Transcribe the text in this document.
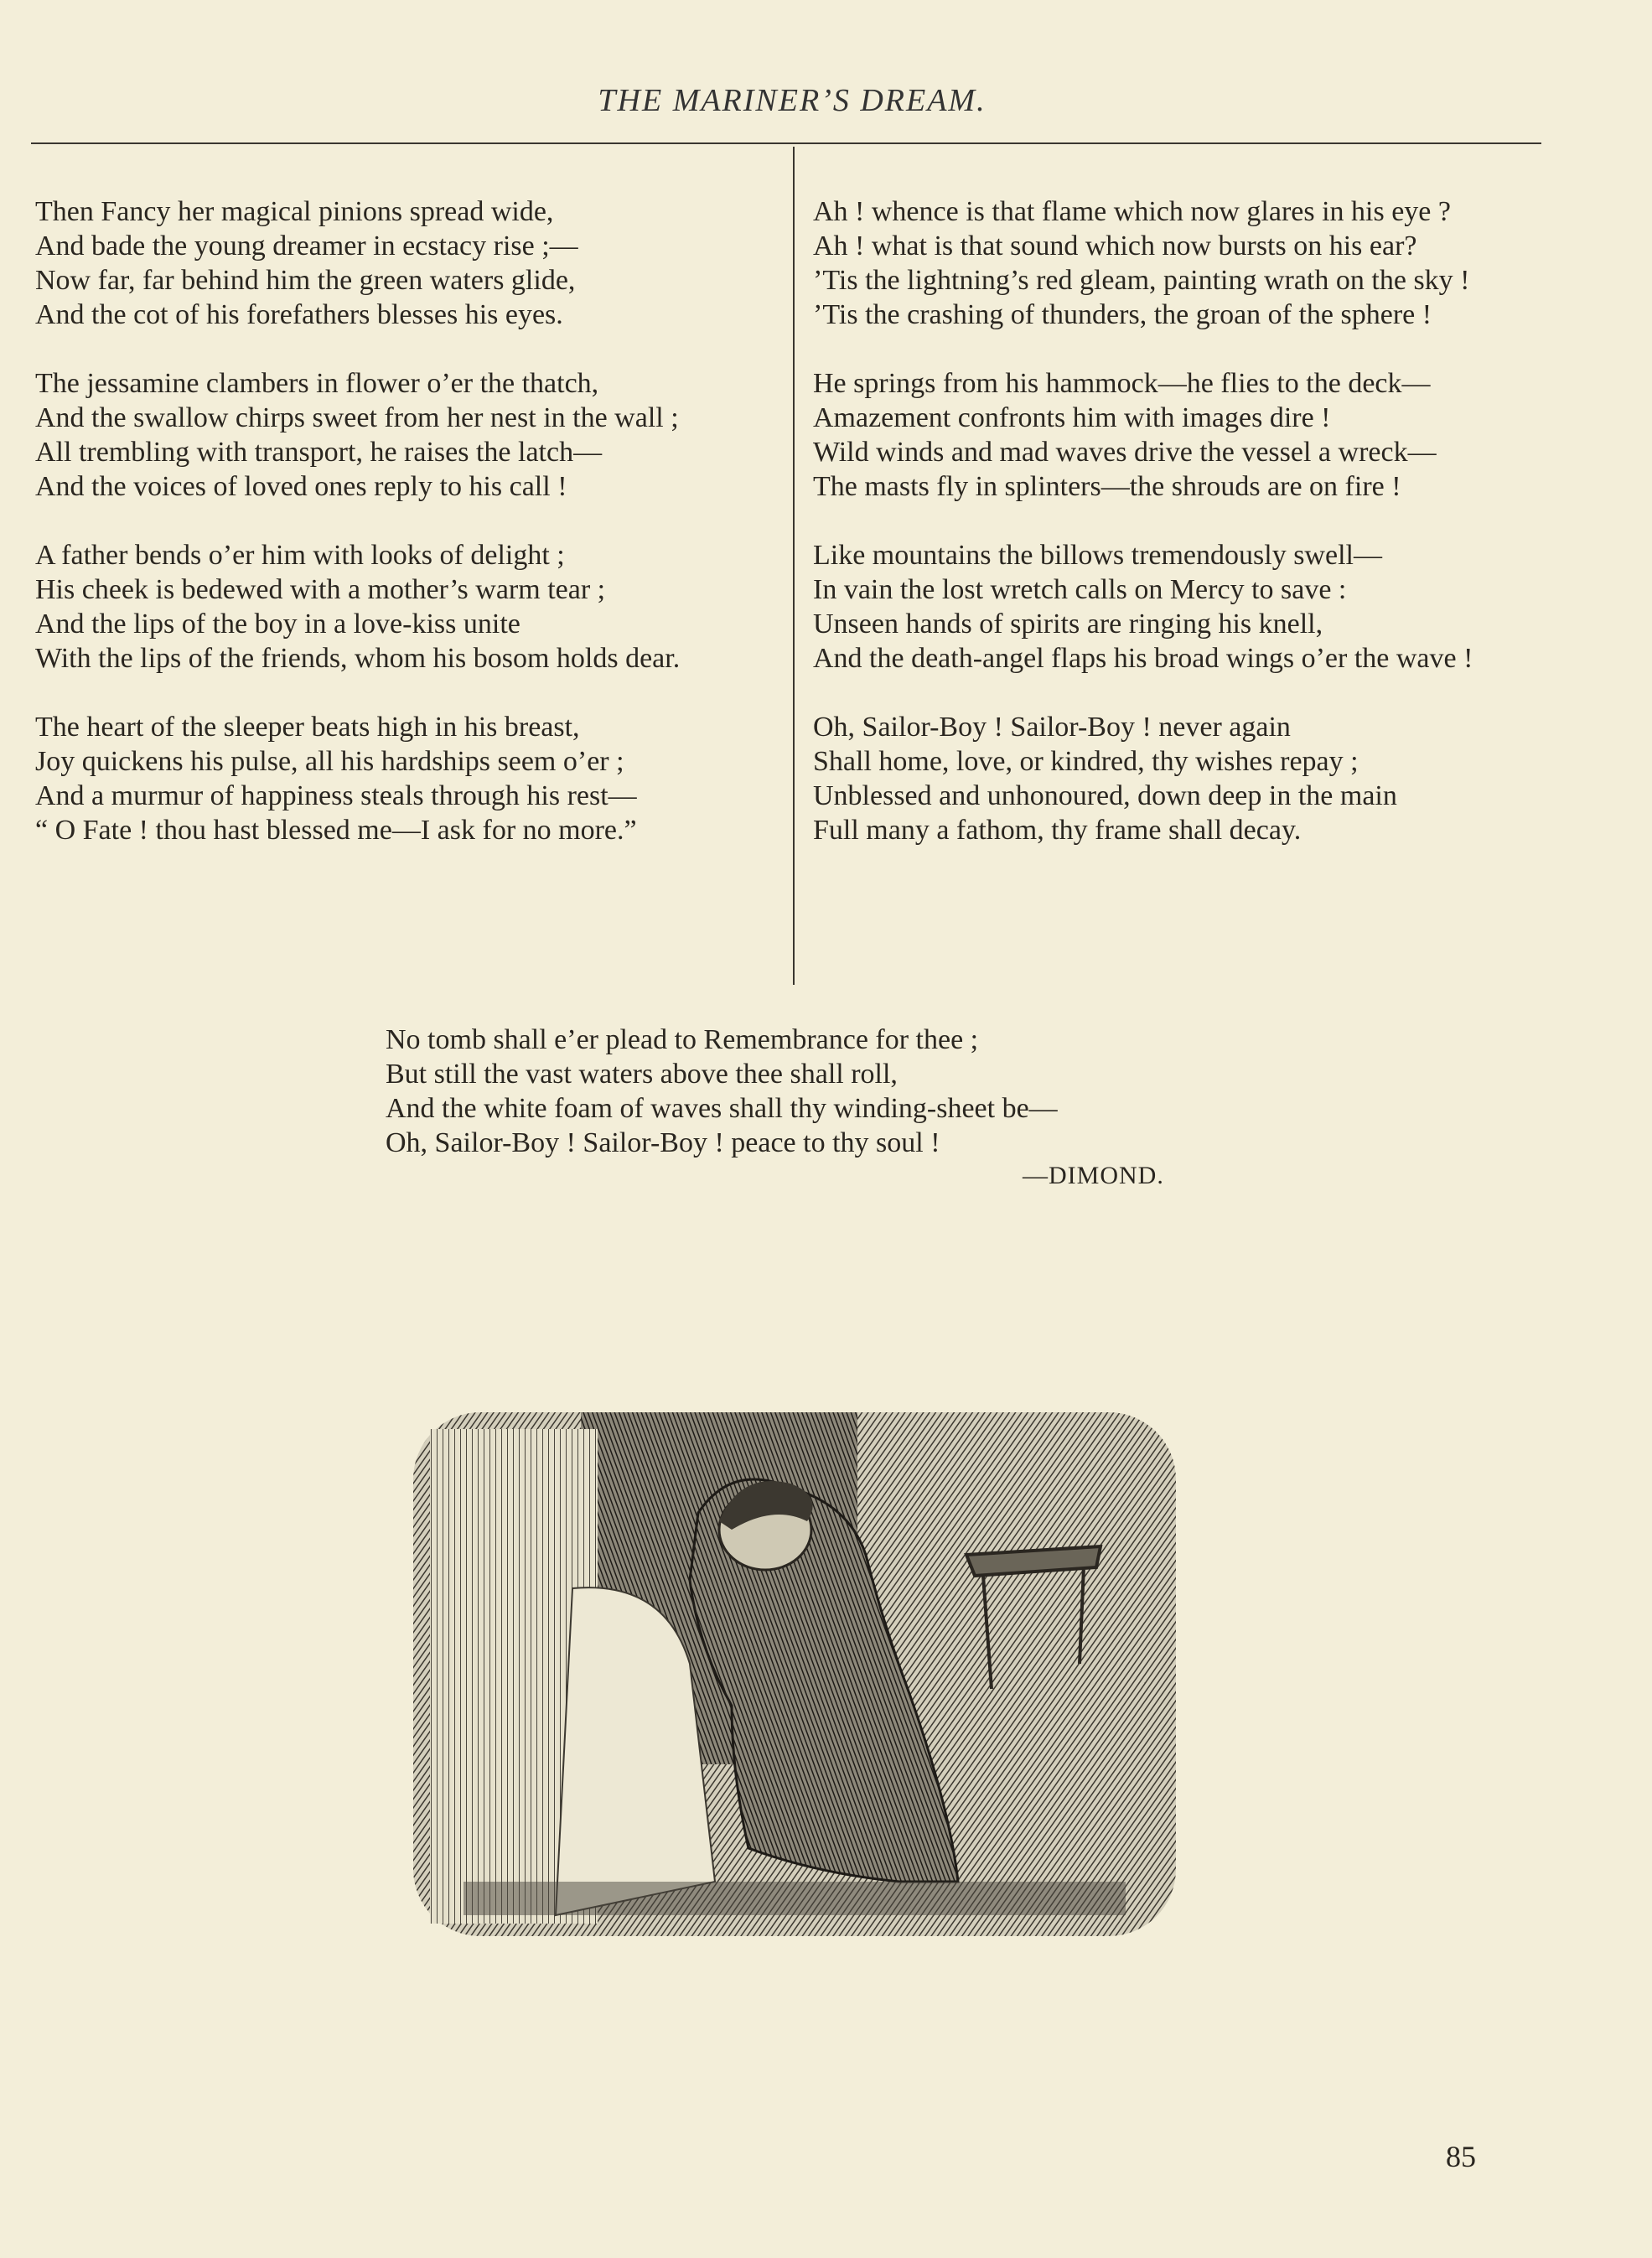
THE MARINER’S DREAM.
Then Fancy her magical pinions spread wide,
And bade the young dreamer in ecstacy rise ;—
Now far, far behind him the green waters glide,
And the cot of his forefathers blesses his eyes.
The jessamine clambers in flower o’er the thatch,
And the swallow chirps sweet from her nest in the wall ;
All trembling with transport, he raises the latch—
And the voices of loved ones reply to his call !
A father bends o’er him with looks of delight ;
His cheek is bedewed with a mother’s warm tear ;
And the lips of the boy in a love-kiss unite
With the lips of the friends, whom his bosom holds dear.
The heart of the sleeper beats high in his breast,
Joy quickens his pulse, all his hardships seem o’er ;
And a murmur of happiness steals through his rest—
“ O Fate ! thou hast blessed me—I ask for no more.”
Ah ! whence is that flame which now glares in his eye ?
Ah ! what is that sound which now bursts on his ear?
’Tis the lightning’s red gleam, painting wrath on the sky !
’Tis the crashing of thunders, the groan of the sphere !
He springs from his hammock—he flies to the deck—
Amazement confronts him with images dire !
Wild winds and mad waves drive the vessel a wreck—
The masts fly in splinters—the shrouds are on fire !
Like mountains the billows tremendously swell—
In vain the lost wretch calls on Mercy to save :
Unseen hands of spirits are ringing his knell,
And the death-angel flaps his broad wings o’er the wave !
Oh, Sailor-Boy ! Sailor-Boy ! never again
Shall home, love, or kindred, thy wishes repay ;
Unblessed and unhonoured, down deep in the main
Full many a fathom, thy frame shall decay.
No tomb shall e’er plead to Remembrance for thee ;
But still the vast waters above thee shall roll,
And the white foam of waves shall thy winding-sheet be—
Oh, Sailor-Boy ! Sailor-Boy ! peace to thy soul !
—DIMOND.
85
